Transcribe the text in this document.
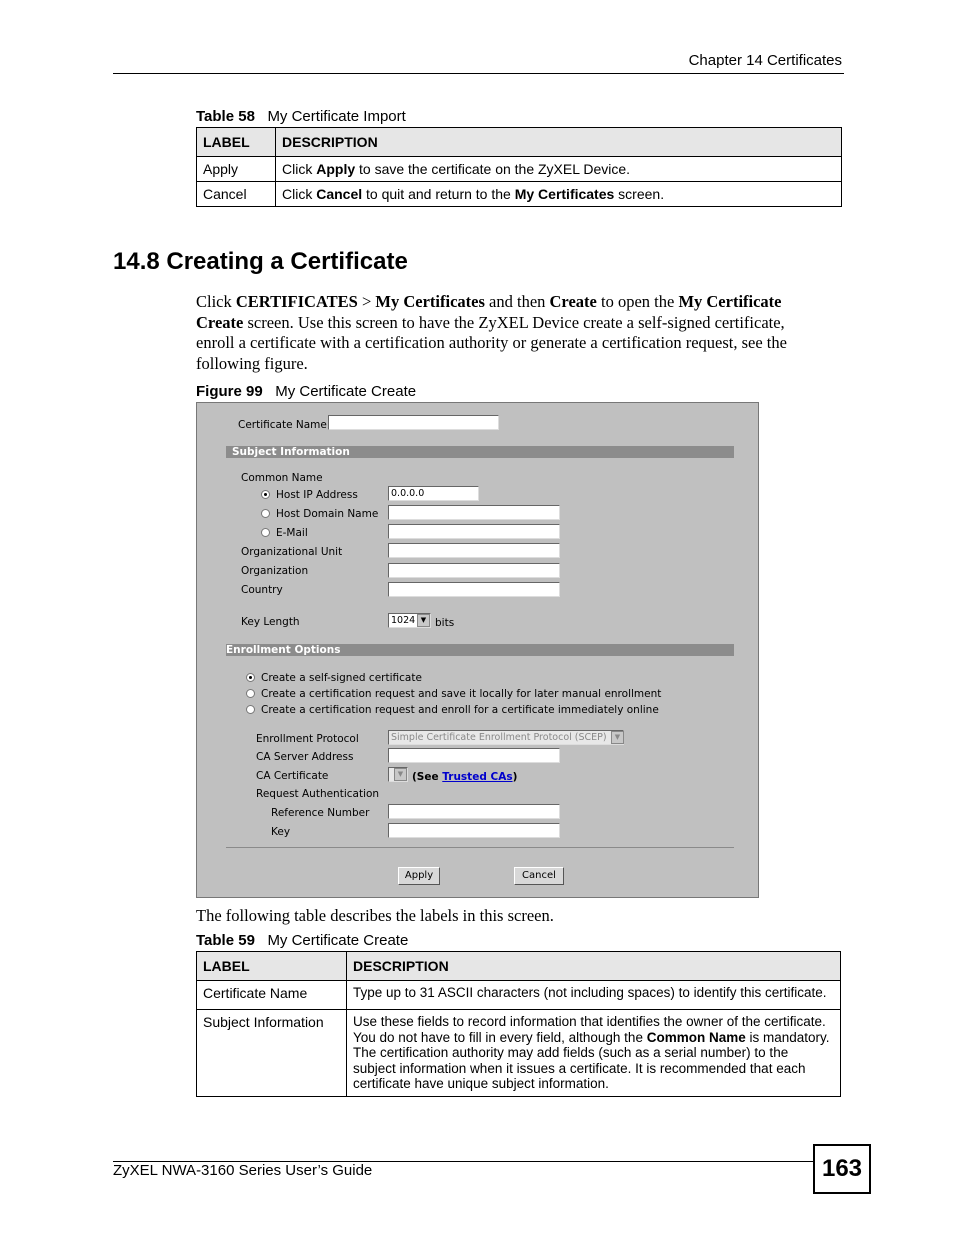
Chapter 14 Certificates
Table 58 My Certificate Import
LABEL	DESCRIPTION
Apply	Click Apply to save the certificate on the ZyXEL Device.
Cancel	Click Cancel to quit and return to the My Certificates screen.
14.8 Creating a Certificate
Click CERTIFICATES > My Certificates and then Create to open the My Certificate Create screen. Use this screen to have the ZyXEL Device create a self-signed certificate, enroll a certificate with a certification authority or generate a certification request, see the following figure.
Figure 99 My Certificate Create
Certificate Name
Subject Information
Common Name
Host IP Address	0.0.0.0
Host Domain Name
E-Mail
Organizational Unit
Organization
Country
Key Length	1024 ▼ bits
Enrollment Options
Create a self-signed certificate
Create a certification request and save it locally for later manual enrollment
Create a certification request and enroll for a certificate immediately online
Enrollment Protocol	Simple Certificate Enrollment Protocol (SCEP)	▼
CA Server Address
CA Certificate	▼ (See Trusted CAs)
Request Authentication
Reference Number
Key
Apply	Cancel
The following table describes the labels in this screen.
Table 59 My Certificate Create
LABEL	DESCRIPTION
Certificate Name	Type up to 31 ASCII characters (not including spaces) to identify this certificate.
Subject Information	Use these fields to record information that identifies the owner of the certificate. You do not have to fill in every field, although the Common Name is mandatory. The certification authority may add fields (such as a serial number) to the subject information when it issues a certificate. It is recommended that each certificate have unique subject information.
ZyXEL NWA-3160 Series User’s Guide	163
